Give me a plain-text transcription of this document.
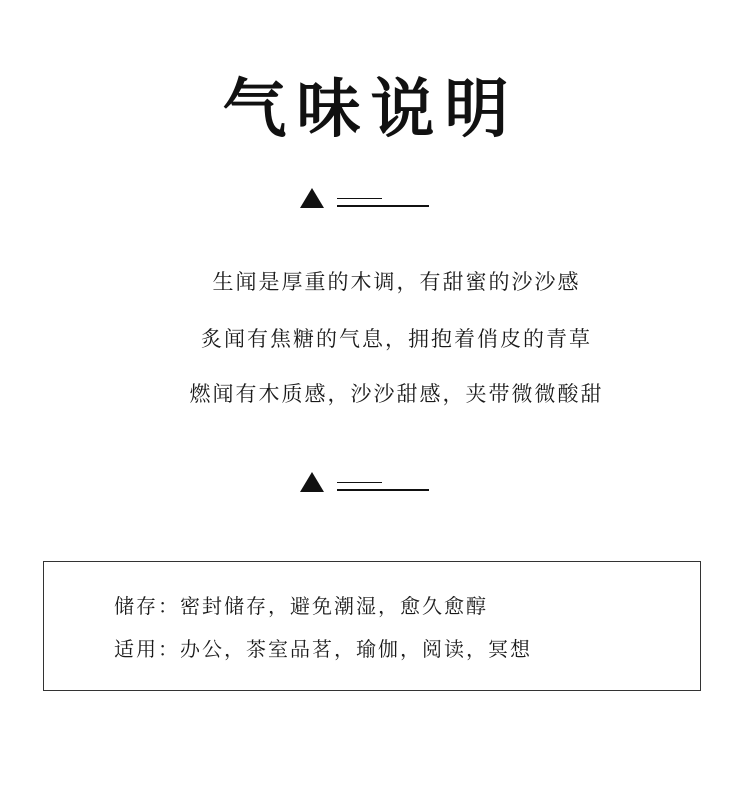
气味说明
生闻是厚重的木调，有甜蜜的沙沙感
炙闻有焦糖的气息，拥抱着俏皮的青草
燃闻有木质感，沙沙甜感，夹带微微酸甜
储存：密封储存，避免潮湿，愈久愈醇
适用：办公，茶室品茗，瑜伽，阅读，冥想
